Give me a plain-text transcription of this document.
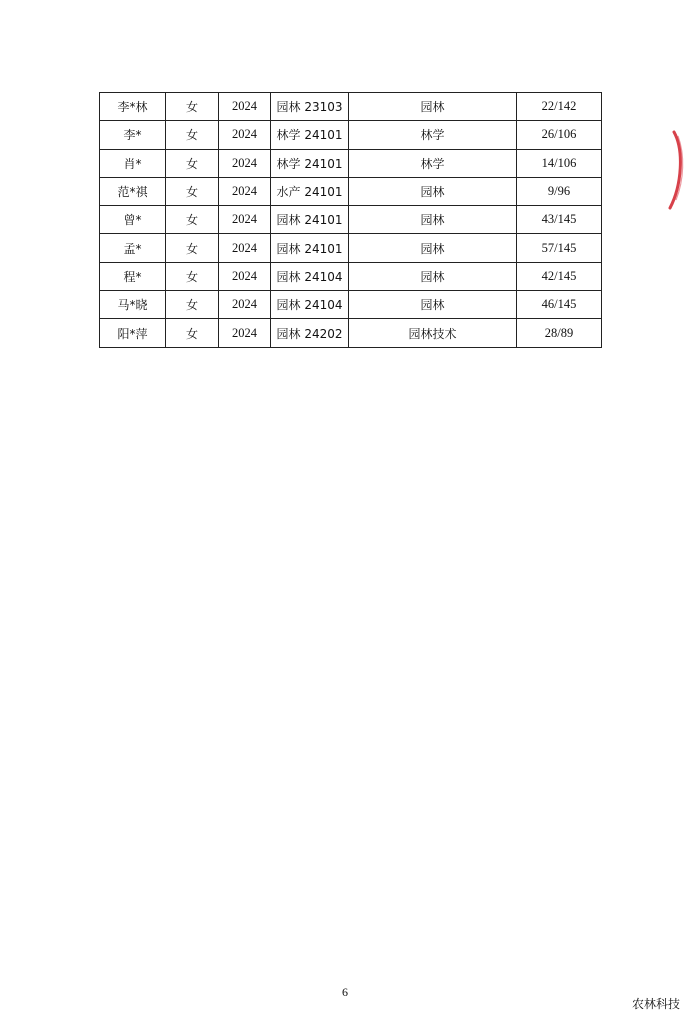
李*林	女	2024	园林 23103	园林	22/142
李*	女	2024	林学 24101	林学	26/106
肖*	女	2024	林学 24101	林学	14/106
范*祺	女	2024	水产 24101	园林	9/96
曾*	女	2024	园林 24101	园林	43/145
孟*	女	2024	园林 24101	园林	57/145
程*	女	2024	园林 24104	园林	42/145
马*晓	女	2024	园林 24104	园林	46/145
阳*萍	女	2024	园林 24202	园林技术	28/89
6
农林科技
